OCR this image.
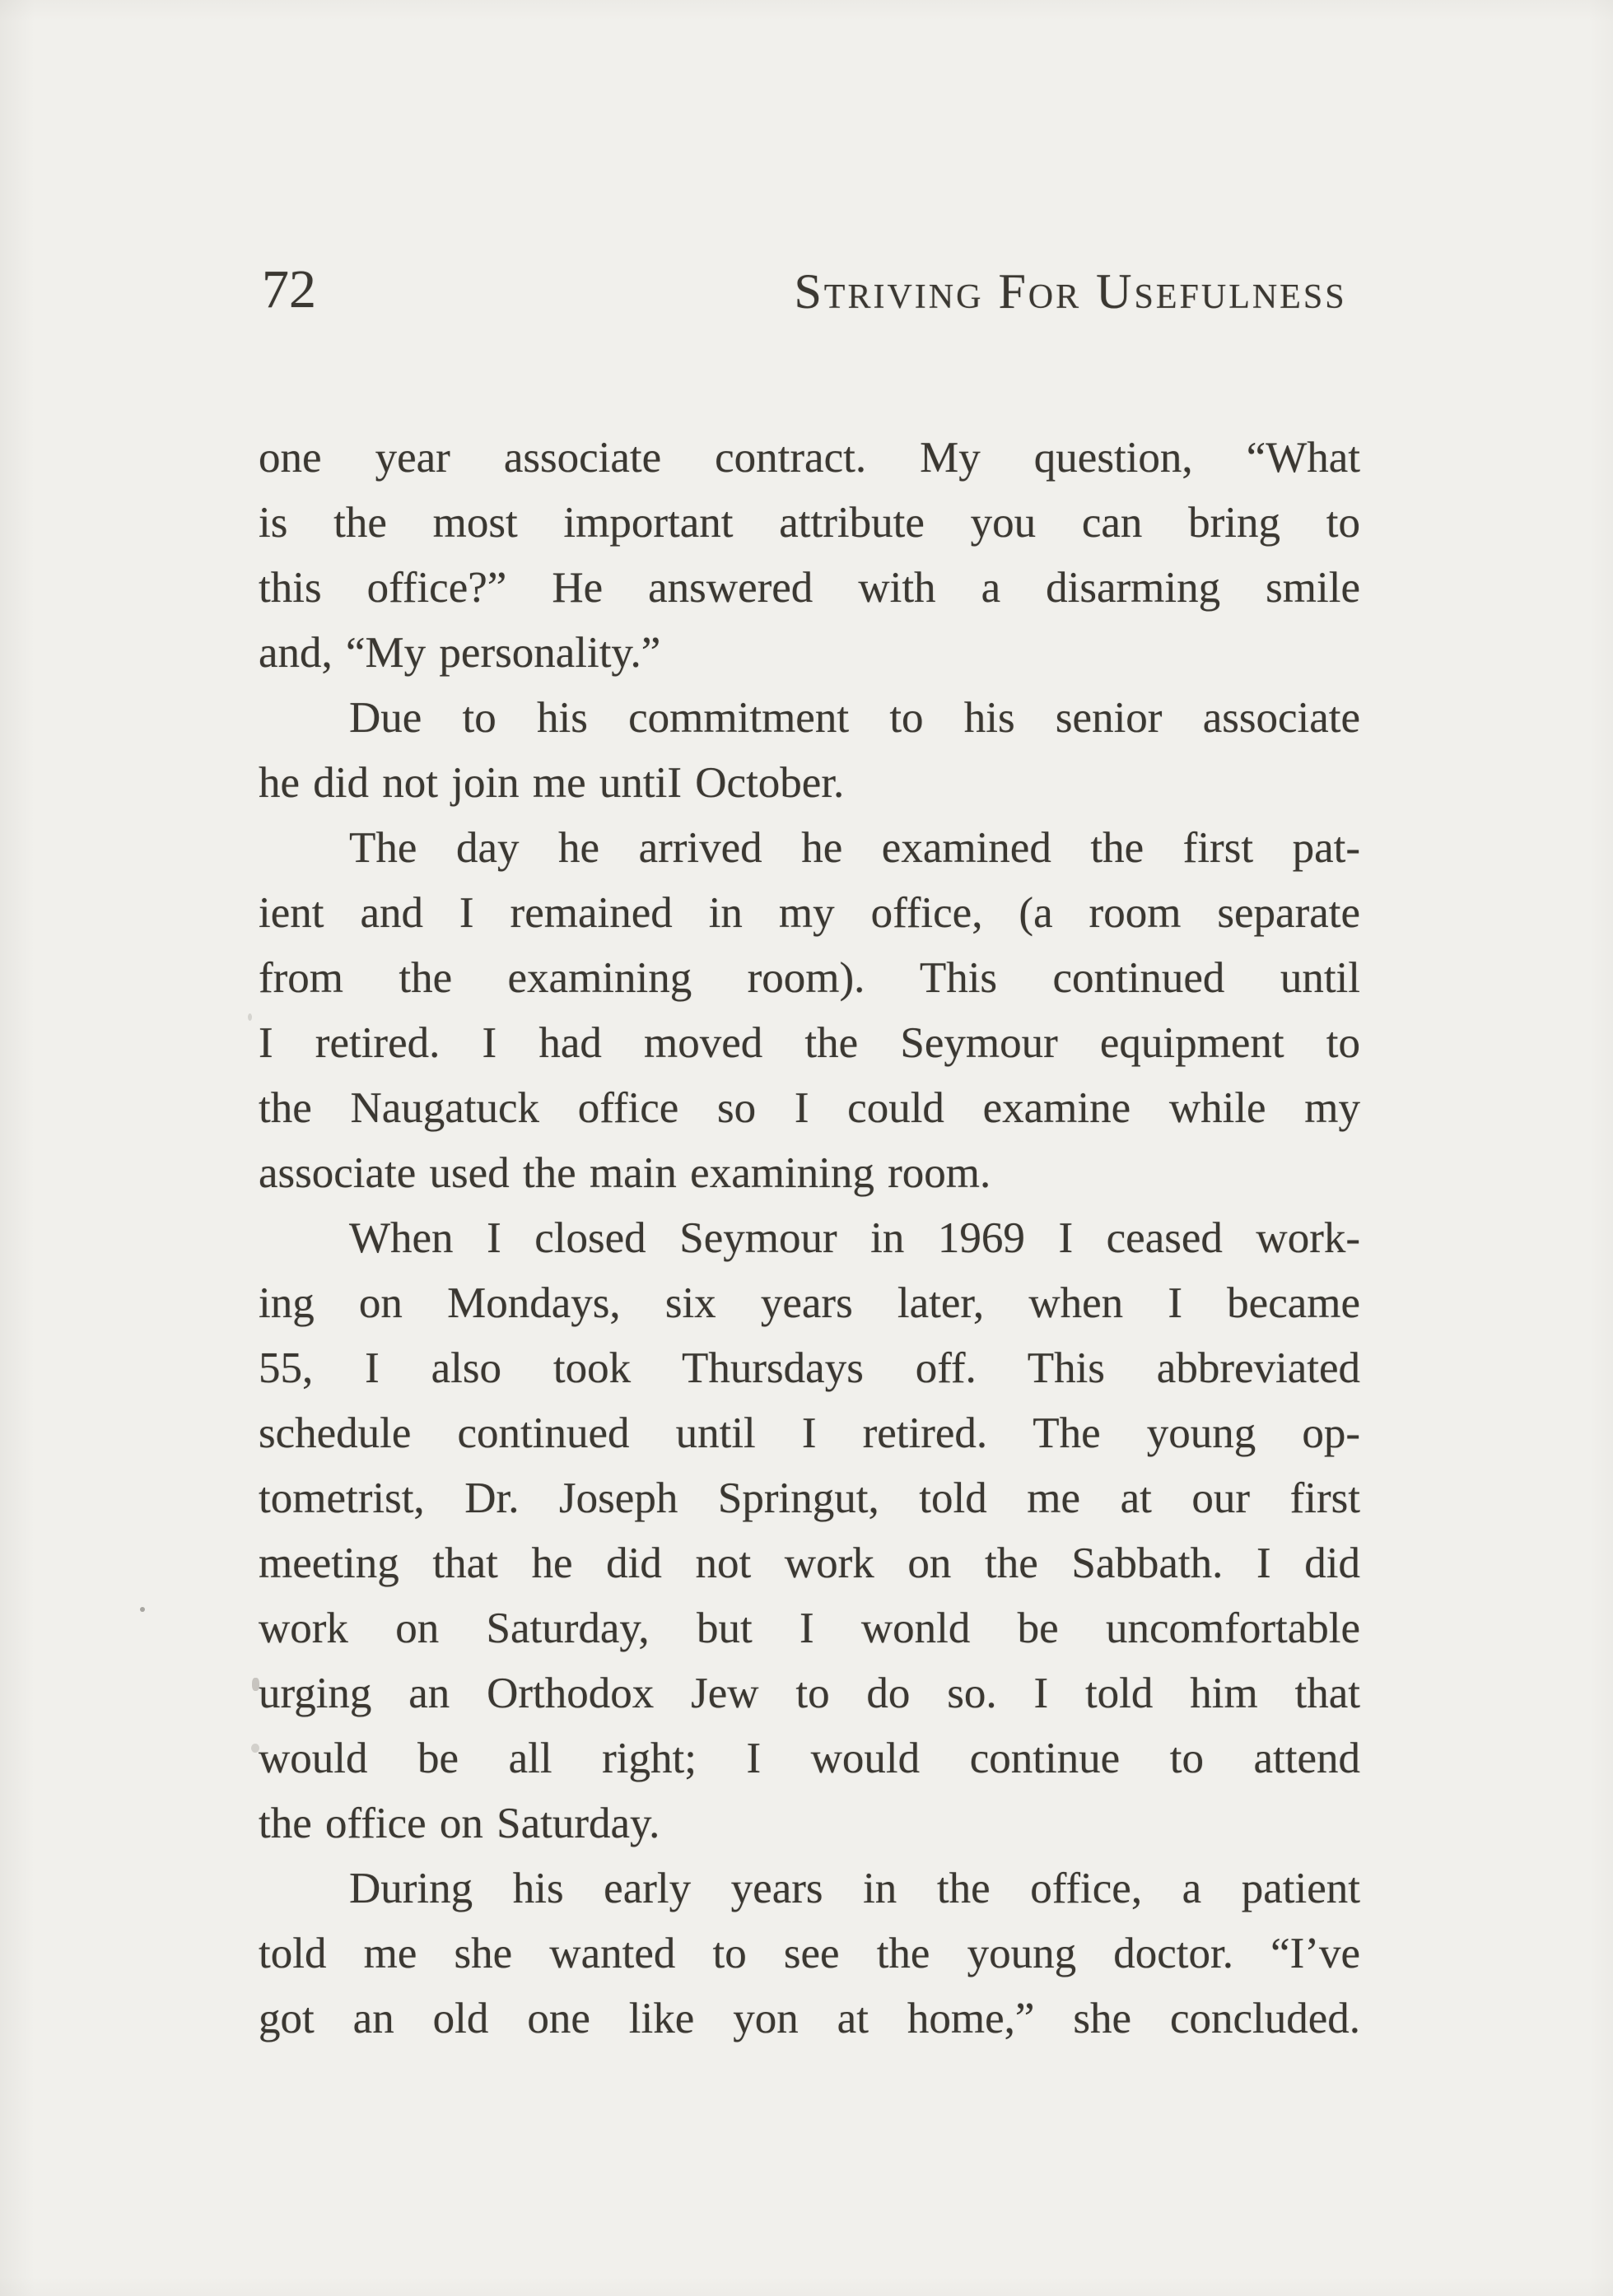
72	Striving For Usefulness
one year associate contract. My question, “What
is the most important attribute you can bring to
this office?” He answered with a disarming smile
and, “My personality.”
Due to his commitment to his senior associate
he did not join me untiI October.
The day he arrived he examined the first pat-
ient and I remained in my office, (a room separate
from the examining room). This continued until
I retired. I had moved the Seymour equipment to
the Naugatuck office so I could examine while my
associate used the main examining room.
When I closed Seymour in 1969 I ceased work-
ing on Mondays, six years later, when I became
55, I also took Thursdays off. This abbreviated
schedule continued until I retired. The young op-
tometrist, Dr. Joseph Springut, told me at our first
meeting that he did not work on the Sabbath. I did
work on Saturday, but I wonld be uncomfortable
urging an Orthodox Jew to do so. I told him that
would be all right; I would continue to attend
the office on Saturday.
During his early years in the office, a patient
told me she wanted to see the young doctor. “I’ve
got an old one like yon at home,” she concluded.
